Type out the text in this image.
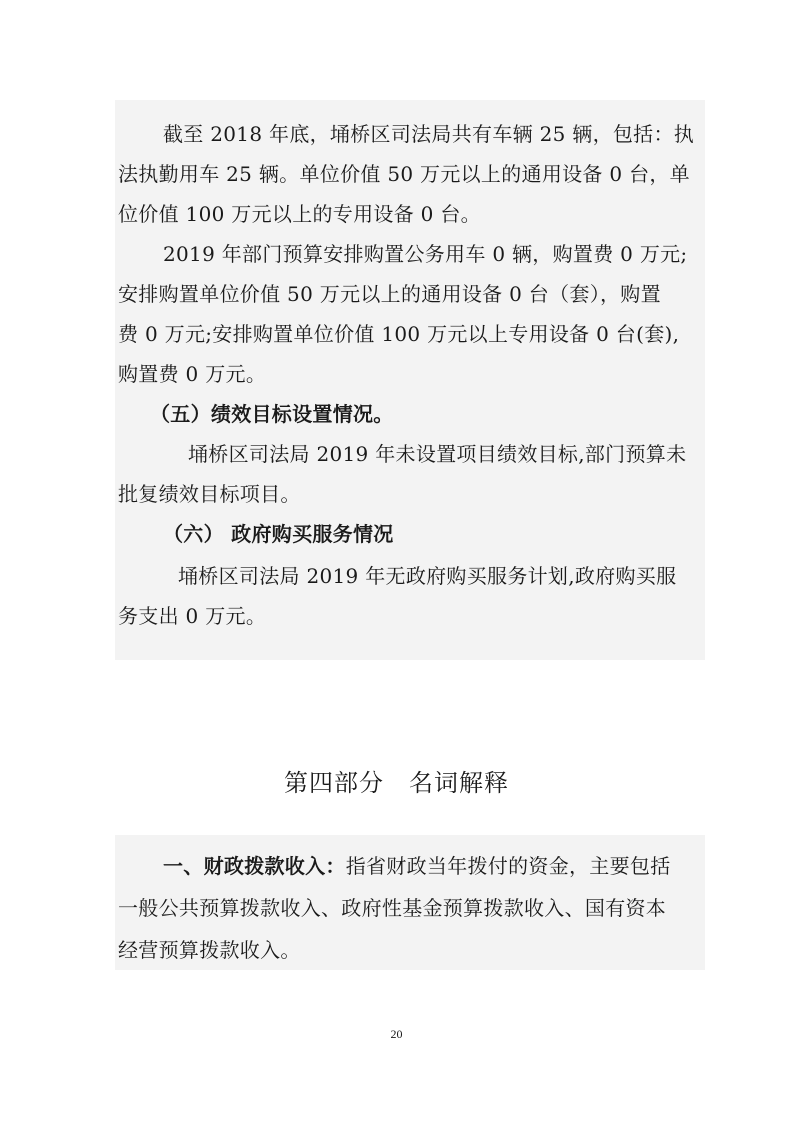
截至 2018 年底，埇桥区司法局共有车辆 25 辆，包括：执
法执勤用车 25 辆。单位价值 50 万元以上的通用设备 0 台，单
位价值 100 万元以上的专用设备 0 台。
2019 年部门预算安排购置公务用车 0 辆，购置费 0 万元;
安排购置单位价值 50 万元以上的通用设备 0 台（套），购置
费 0 万元;安排购置单位价值 100 万元以上专用设备 0 台(套),
购置费 0 万元。
（五）绩效目标设置情况。
埇桥区司法局 2019 年未设置项目绩效目标,部门预算未
批复绩效目标项目。
（六） 政府购买服务情况
埇桥区司法局 2019 年无政府购买服务计划,政府购买服
务支出 0 万元。
第四部分　名词解释
一、财政拨款收入：指省财政当年拨付的资金，主要包括
一般公共预算拨款收入、政府性基金预算拨款收入、国有资本
经营预算拨款收入。
20
